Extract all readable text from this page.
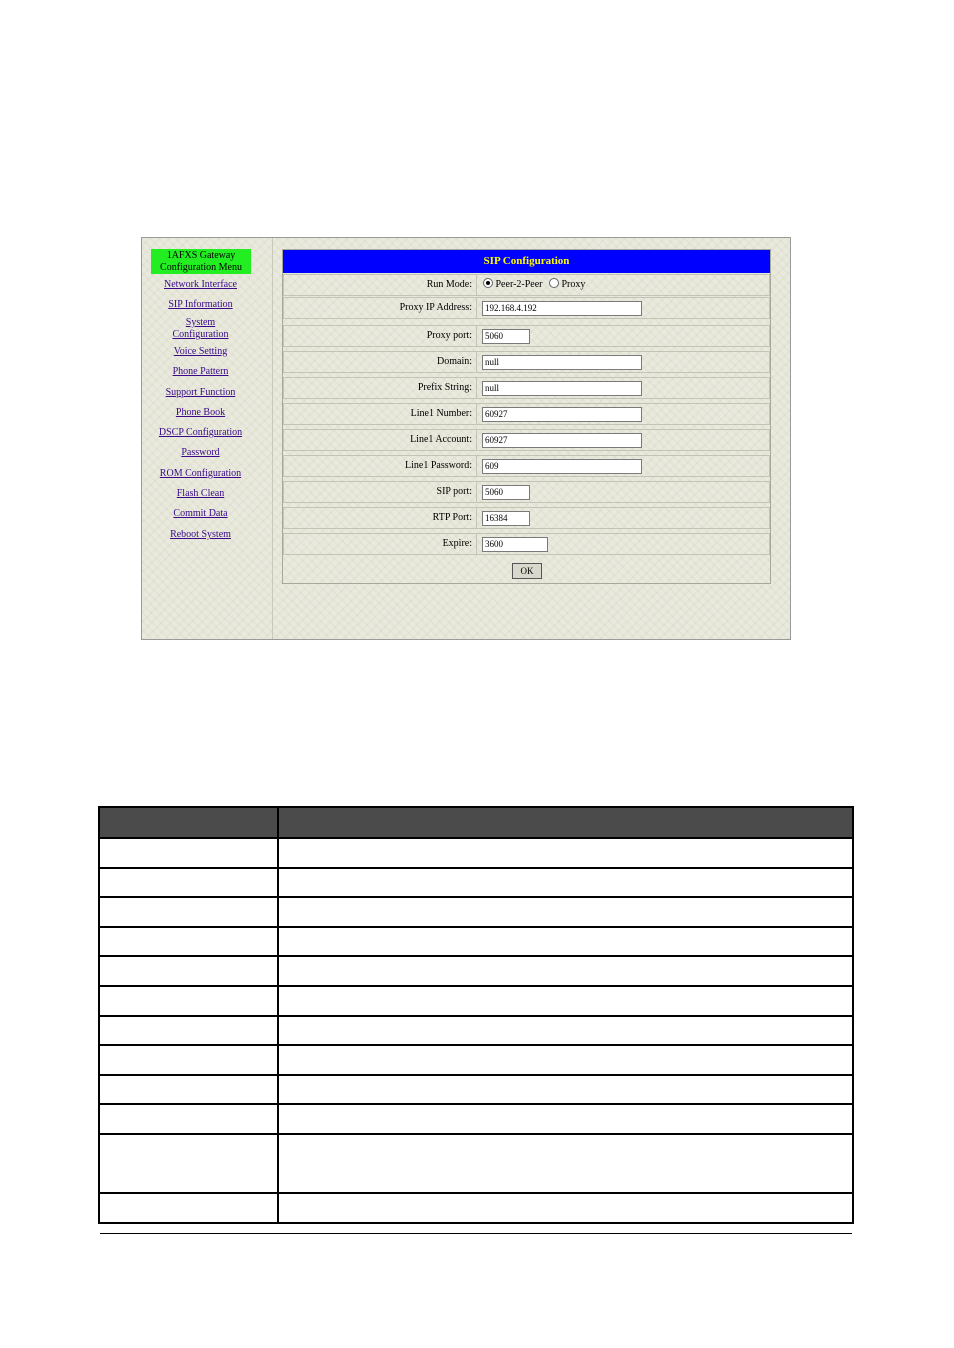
1AFXS Gateway
Configuration Menu
Network Interface
SIP Information
System
Configuration
Voice Setting
Phone Pattern
Support Function
Phone Book
DSCP Configuration
Password
ROM Configuration
Flash Clean
Commit Data
Reboot System
SIP Configuration
Run Mode:	Peer-2-Peer Proxy
Proxy IP Address:	192.168.4.192
Proxy port:	5060
Domain:	null
Prefix String:	null
Line1 Number:	60927
Line1 Account:	60927
Line1 Password:	609
SIP port:	5060
RTP Port:	16384
Expire:	3600
OK
